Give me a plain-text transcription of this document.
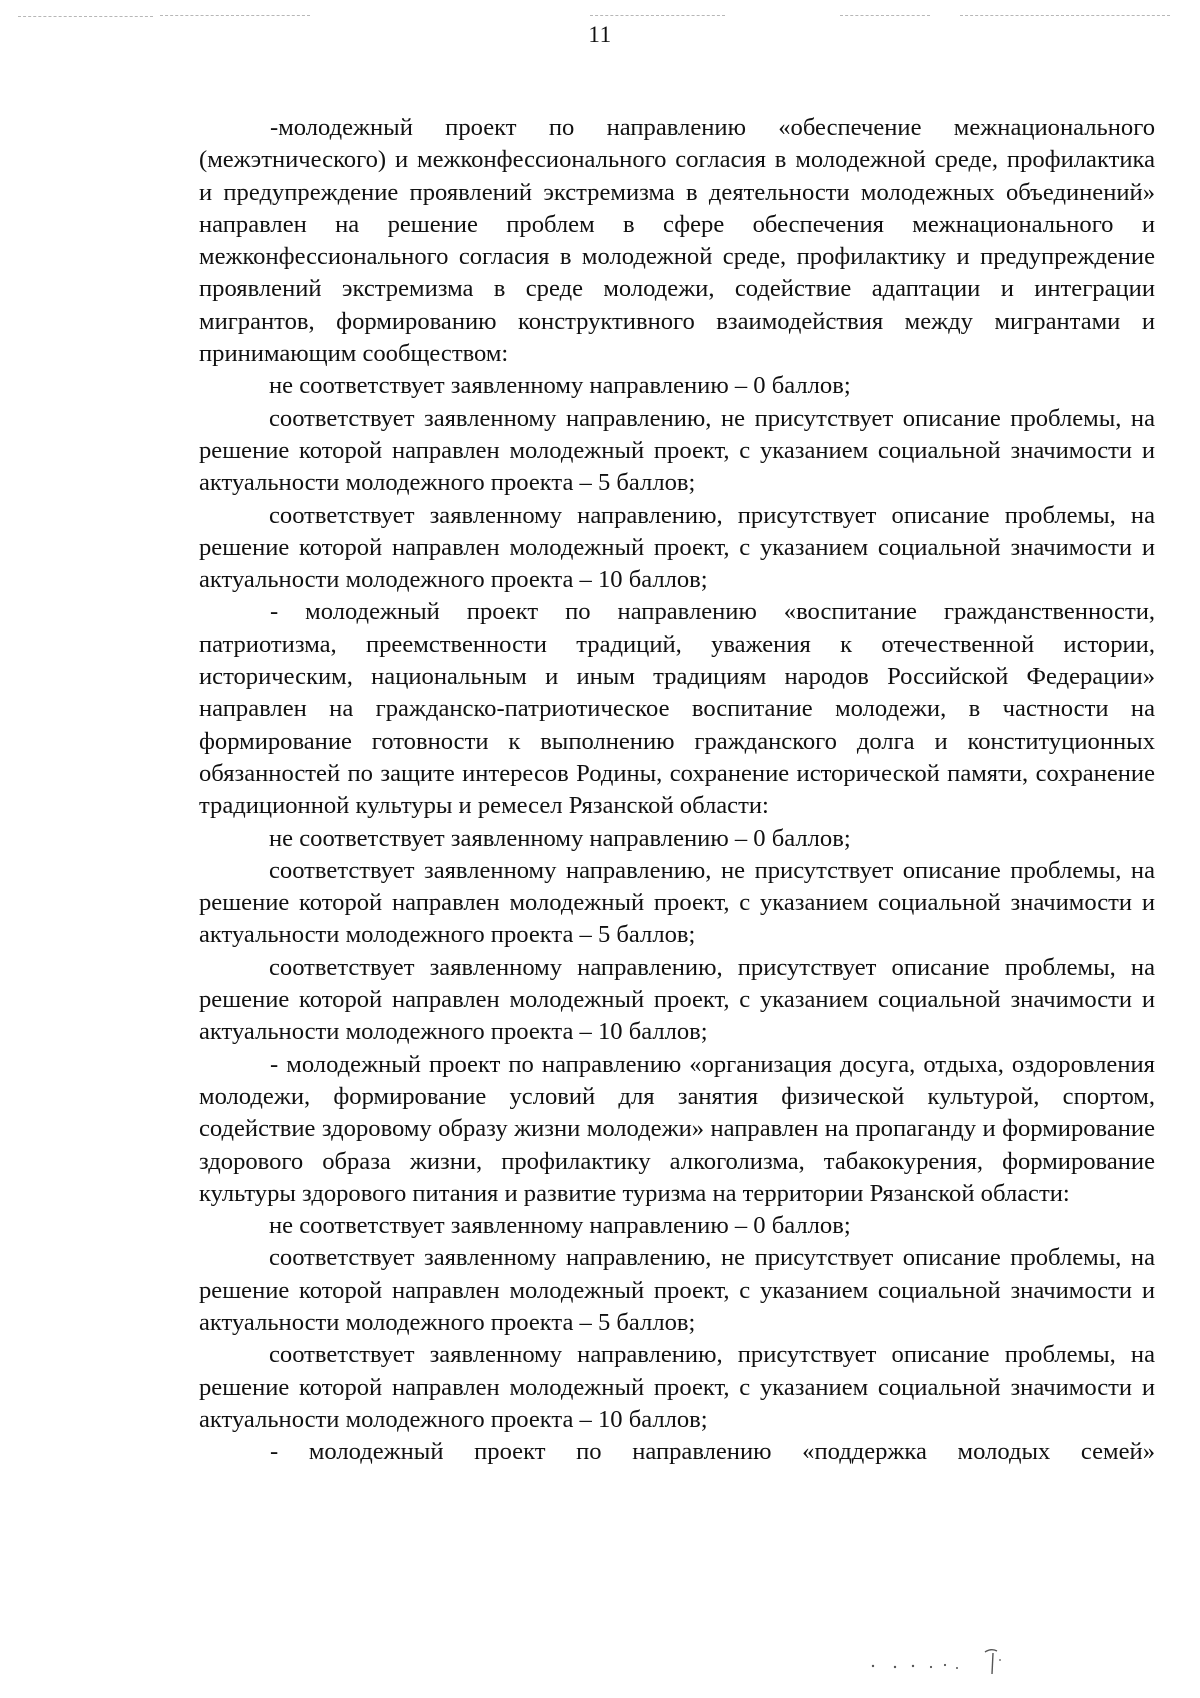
11

-молодежный проект по направлению «обеспечение межнационального (межэтнического) и межконфессионального согласия в молодежной среде, профилактика и предупреждение проявлений экстремизма в деятельности молодежных объединений» направлен на решение проблем в сфере обеспечения межнационального и межконфессионального согласия в молодежной среде, профилактику и предупреждение проявлений экстремизма в среде молодежи, содействие адаптации и интеграции мигрантов, формированию конструктивного взаимодействия между мигрантами и принимающим сообществом:

не соответствует заявленному направлению – 0 баллов;

соответствует заявленному направлению, не присутствует описание проблемы, на решение которой направлен молодежный проект, с указанием социальной значимости и актуальности молодежного проекта – 5 баллов;

соответствует заявленному направлению, присутствует описание проблемы, на решение которой направлен молодежный проект, с указанием социальной значимости и актуальности молодежного проекта – 10 баллов;

- молодежный проект по направлению «воспитание гражданственности, патриотизма, преемственности традиций, уважения к отечественной истории, историческим, национальным и иным традициям народов Российской Федерации» направлен на гражданско-патриотическое воспитание молодежи, в частности на формирование готовности к выполнению гражданского долга и конституционных обязанностей по защите интересов Родины, сохранение исторической памяти, сохранение традиционной культуры и ремесел Рязанской области:

не соответствует заявленному направлению – 0 баллов;

соответствует заявленному направлению, не присутствует описание проблемы, на решение которой направлен молодежный проект, с указанием социальной значимости и актуальности молодежного проекта – 5 баллов;

соответствует заявленному направлению, присутствует описание проблемы, на решение которой направлен молодежный проект, с указанием социальной значимости и актуальности молодежного проекта – 10 баллов;

- молодежный проект по направлению «организация досуга, отдыха, оздоровления молодежи, формирование условий для занятия физической культурой, спортом, содействие здоровому образу жизни молодежи» направлен на пропаганду и формирование здорового образа жизни, профилактику алкоголизма, табакокурения, формирование культуры здорового питания и развитие туризма на территории Рязанской области:

не соответствует заявленному направлению – 0 баллов;

соответствует заявленному направлению, не присутствует описание проблемы, на решение которой направлен молодежный проект, с указанием социальной значимости и актуальности молодежного проекта – 5 баллов;

соответствует заявленному направлению, присутствует описание проблемы, на решение которой направлен молодежный проект, с указанием социальной значимости и актуальности молодежного проекта – 10 баллов;

- молодежный проект по направлению «поддержка молодых семей»
